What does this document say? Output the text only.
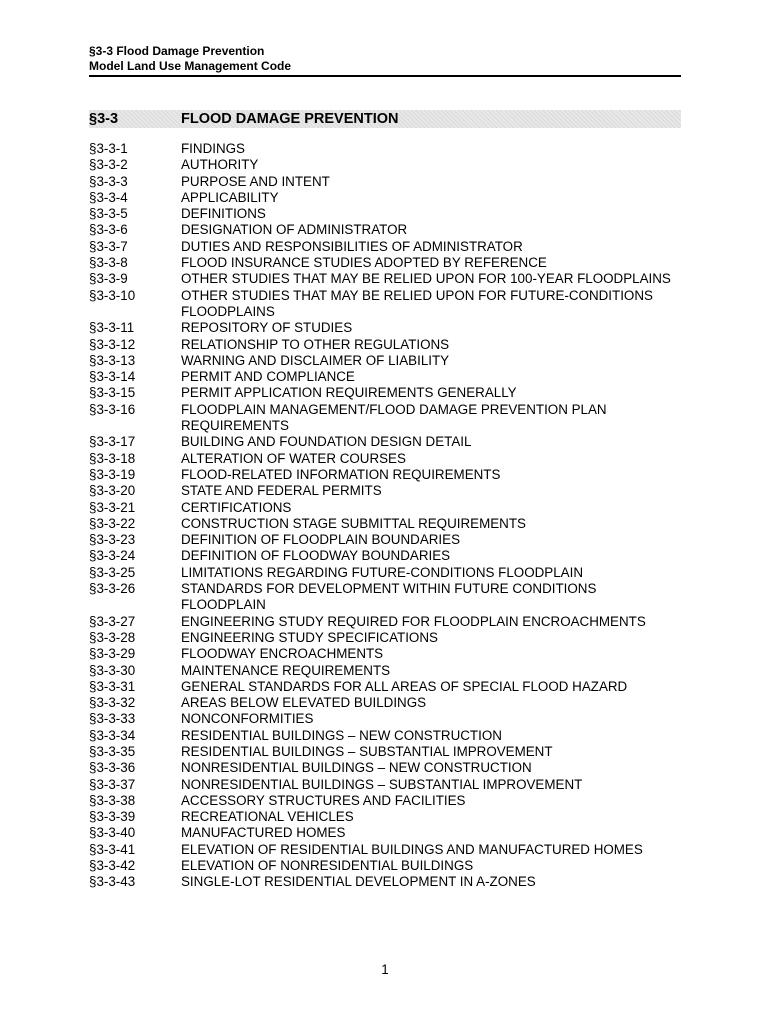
§3-3 Flood Damage Prevention
Model Land Use Management Code
§3-3	FLOOD DAMAGE PREVENTION
§3-3-1	FINDINGS
§3-3-2	AUTHORITY
§3-3-3	PURPOSE AND INTENT
§3-3-4	APPLICABILITY
§3-3-5	DEFINITIONS
§3-3-6	DESIGNATION OF ADMINISTRATOR
§3-3-7	DUTIES AND RESPONSIBILITIES OF ADMINISTRATOR
§3-3-8	FLOOD INSURANCE STUDIES ADOPTED BY REFERENCE
§3-3-9	OTHER STUDIES THAT MAY BE RELIED UPON FOR 100-YEAR FLOODPLAINS
§3-3-10	OTHER STUDIES THAT MAY BE RELIED UPON FOR FUTURE-CONDITIONS FLOODPLAINS
§3-3-11	REPOSITORY OF STUDIES
§3-3-12	RELATIONSHIP TO OTHER REGULATIONS
§3-3-13	WARNING AND DISCLAIMER OF LIABILITY
§3-3-14	PERMIT AND COMPLIANCE
§3-3-15	PERMIT APPLICATION REQUIREMENTS GENERALLY
§3-3-16	FLOODPLAIN MANAGEMENT/FLOOD DAMAGE PREVENTION PLAN REQUIREMENTS
§3-3-17	BUILDING AND FOUNDATION DESIGN DETAIL
§3-3-18	ALTERATION OF WATER COURSES
§3-3-19	FLOOD-RELATED INFORMATION REQUIREMENTS
§3-3-20	STATE AND FEDERAL PERMITS
§3-3-21	CERTIFICATIONS
§3-3-22	CONSTRUCTION STAGE SUBMITTAL REQUIREMENTS
§3-3-23	DEFINITION OF FLOODPLAIN BOUNDARIES
§3-3-24	DEFINITION OF FLOODWAY BOUNDARIES
§3-3-25	LIMITATIONS REGARDING FUTURE-CONDITIONS FLOODPLAIN
§3-3-26	STANDARDS FOR DEVELOPMENT WITHIN FUTURE CONDITIONS FLOODPLAIN
§3-3-27	ENGINEERING STUDY REQUIRED FOR FLOODPLAIN ENCROACHMENTS
§3-3-28	ENGINEERING STUDY SPECIFICATIONS
§3-3-29	FLOODWAY ENCROACHMENTS
§3-3-30	MAINTENANCE REQUIREMENTS
§3-3-31	GENERAL STANDARDS FOR ALL AREAS OF SPECIAL FLOOD HAZARD
§3-3-32	AREAS BELOW ELEVATED BUILDINGS
§3-3-33	NONCONFORMITIES
§3-3-34	RESIDENTIAL BUILDINGS – NEW CONSTRUCTION
§3-3-35	RESIDENTIAL BUILDINGS – SUBSTANTIAL IMPROVEMENT
§3-3-36	NONRESIDENTIAL BUILDINGS – NEW CONSTRUCTION
§3-3-37	NONRESIDENTIAL BUILDINGS – SUBSTANTIAL IMPROVEMENT
§3-3-38	ACCESSORY STRUCTURES AND FACILITIES
§3-3-39	RECREATIONAL VEHICLES
§3-3-40	MANUFACTURED HOMES
§3-3-41	ELEVATION OF RESIDENTIAL BUILDINGS AND MANUFACTURED HOMES
§3-3-42	ELEVATION OF NONRESIDENTIAL BUILDINGS
§3-3-43	SINGLE-LOT RESIDENTIAL DEVELOPMENT IN A-ZONES
1
